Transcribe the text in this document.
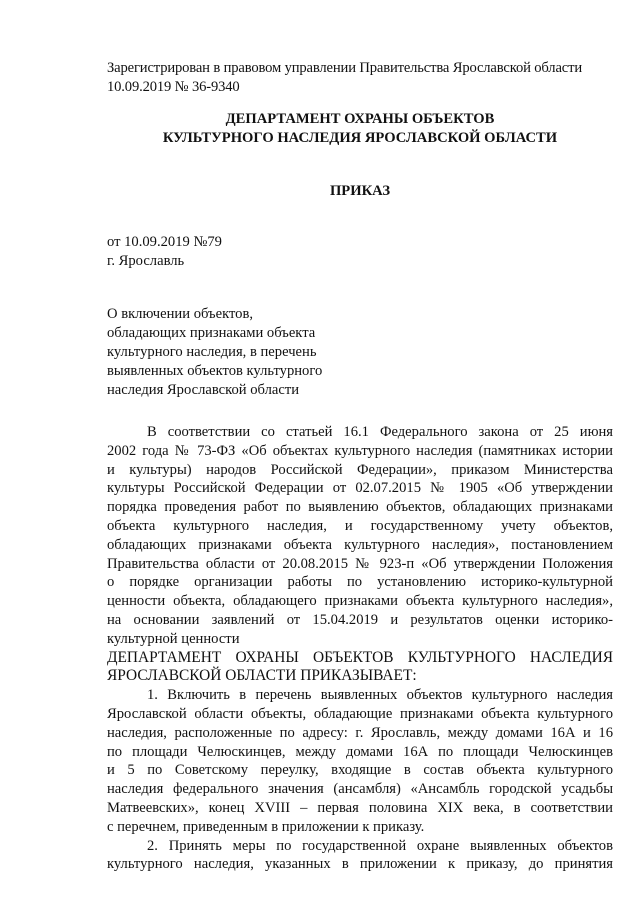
Зарегистрирован в правовом управлении Правительства Ярославской области
10.09.2019 № 36-9340
ДЕПАРТАМЕНТ ОХРАНЫ ОБЪЕКТОВ
КУЛЬТУРНОГО НАСЛЕДИЯ ЯРОСЛАВСКОЙ ОБЛАСТИ
ПРИКАЗ
от 10.09.2019 №79
г. Ярославль
О включении объектов,
обладающих признаками объекта
культурного наследия, в перечень
выявленных объектов культурного
наследия Ярославской области
В соответствии со статьей 16.1 Федерального закона от 25 июня
2002 года № 73-ФЗ «Об объектах культурного наследия (памятниках истории
и культуры) народов Российской Федерации», приказом Министерства
культуры Российской Федерации от 02.07.2015 № 1905 «Об утверждении
порядка проведения работ по выявлению объектов, обладающих признаками
объекта культурного наследия, и государственному учету объектов,
обладающих признаками объекта культурного наследия», постановлением
Правительства области от 20.08.2015 № 923-п «Об утверждении Положения
о порядке организации работы по установлению историко-культурной
ценности объекта, обладающего признаками объекта культурного наследия»,
на основании заявлений от 15.04.2019 и результатов оценки историко-
культурной ценности
ДЕПАРТАМЕНТ ОХРАНЫ ОБЪЕКТОВ КУЛЬТУРНОГО НАСЛЕДИЯ
ЯРОСЛАВСКОЙ ОБЛАСТИ ПРИКАЗЫВАЕТ:
1. Включить в перечень выявленных объектов культурного наследия
Ярославской области объекты, обладающие признаками объекта культурного
наследия, расположенные по адресу: г. Ярославль, между домами 16А и 16
по площади Челюскинцев, между домами 16А по площади Челюскинцев
и 5 по Советскому переулку, входящие в состав объекта культурного
наследия федерального значения (ансамбля) «Ансамбль городской усадьбы
Матвеевских», конец XVIII – первая половина XIX века, в соответствии
с перечнем, приведенным в приложении к приказу.
2. Принять меры по государственной охране выявленных объектов
культурного наследия, указанных в приложении к приказу, до принятия
